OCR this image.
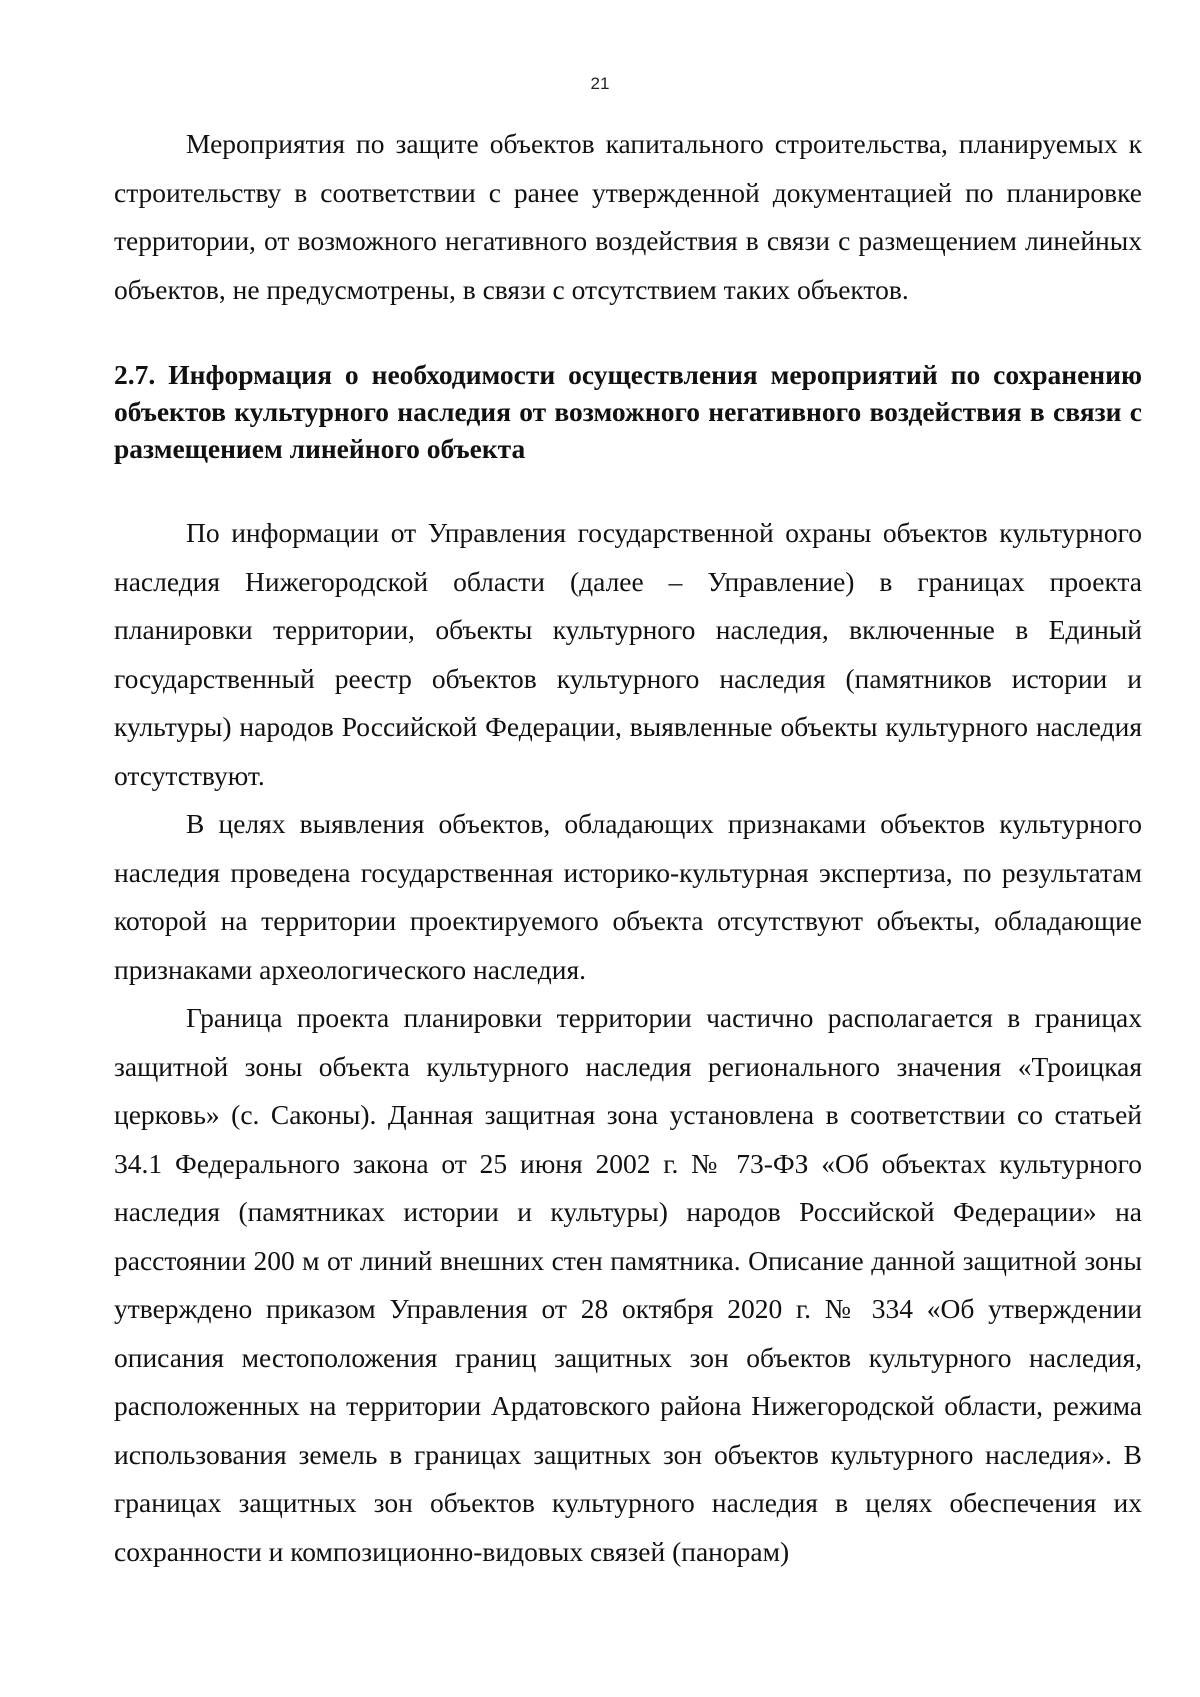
21

Мероприятия по защите объектов капитального строительства, планируемых к строительству в соответствии с ранее утвержденной документацией по планировке территории, от возможного негативного воздействия в связи с размещением линейных объектов, не предусмотрены, в связи с отсутствием таких объектов.

2.7. Информация о необходимости осуществления мероприятий по сохранению объектов культурного наследия от возможного негативного воздействия в связи с размещением линейного объекта

По информации от Управления государственной охраны объектов культурного наследия Нижегородской области (далее – Управление) в границах проекта планировки территории, объекты культурного наследия, включенные в Единый государственный реестр объектов культурного наследия (памятников истории и культуры) народов Российской Федерации, выявленные объекты культурного наследия отсутствуют.

В целях выявления объектов, обладающих признаками объектов культурного наследия проведена государственная историко-культурная экспертиза, по результатам которой на территории проектируемого объекта отсутствуют объекты, обладающие признаками археологического наследия.

Граница проекта планировки территории частично располагается в границах защитной зоны объекта культурного наследия регионального значения «Троицкая церковь» (с. Саконы). Данная защитная зона установлена в соответствии со статьей 34.1 Федерального закона от 25 июня 2002 г. № 73-ФЗ «Об объектах культурного наследия (памятниках истории и культуры) народов Российской Федерации» на расстоянии 200 м от линий внешних стен памятника. Описание данной защитной зоны утверждено приказом Управления от 28 октября 2020 г. № 334 «Об утверждении описания местоположения границ защитных зон объектов культурного наследия, расположенных на территории Ардатовского района Нижегородской области, режима использования земель в границах защитных зон объектов культурного наследия». В границах защитных зон объектов культурного наследия в целях обеспечения их сохранности и композиционно-видовых связей (панорам)
